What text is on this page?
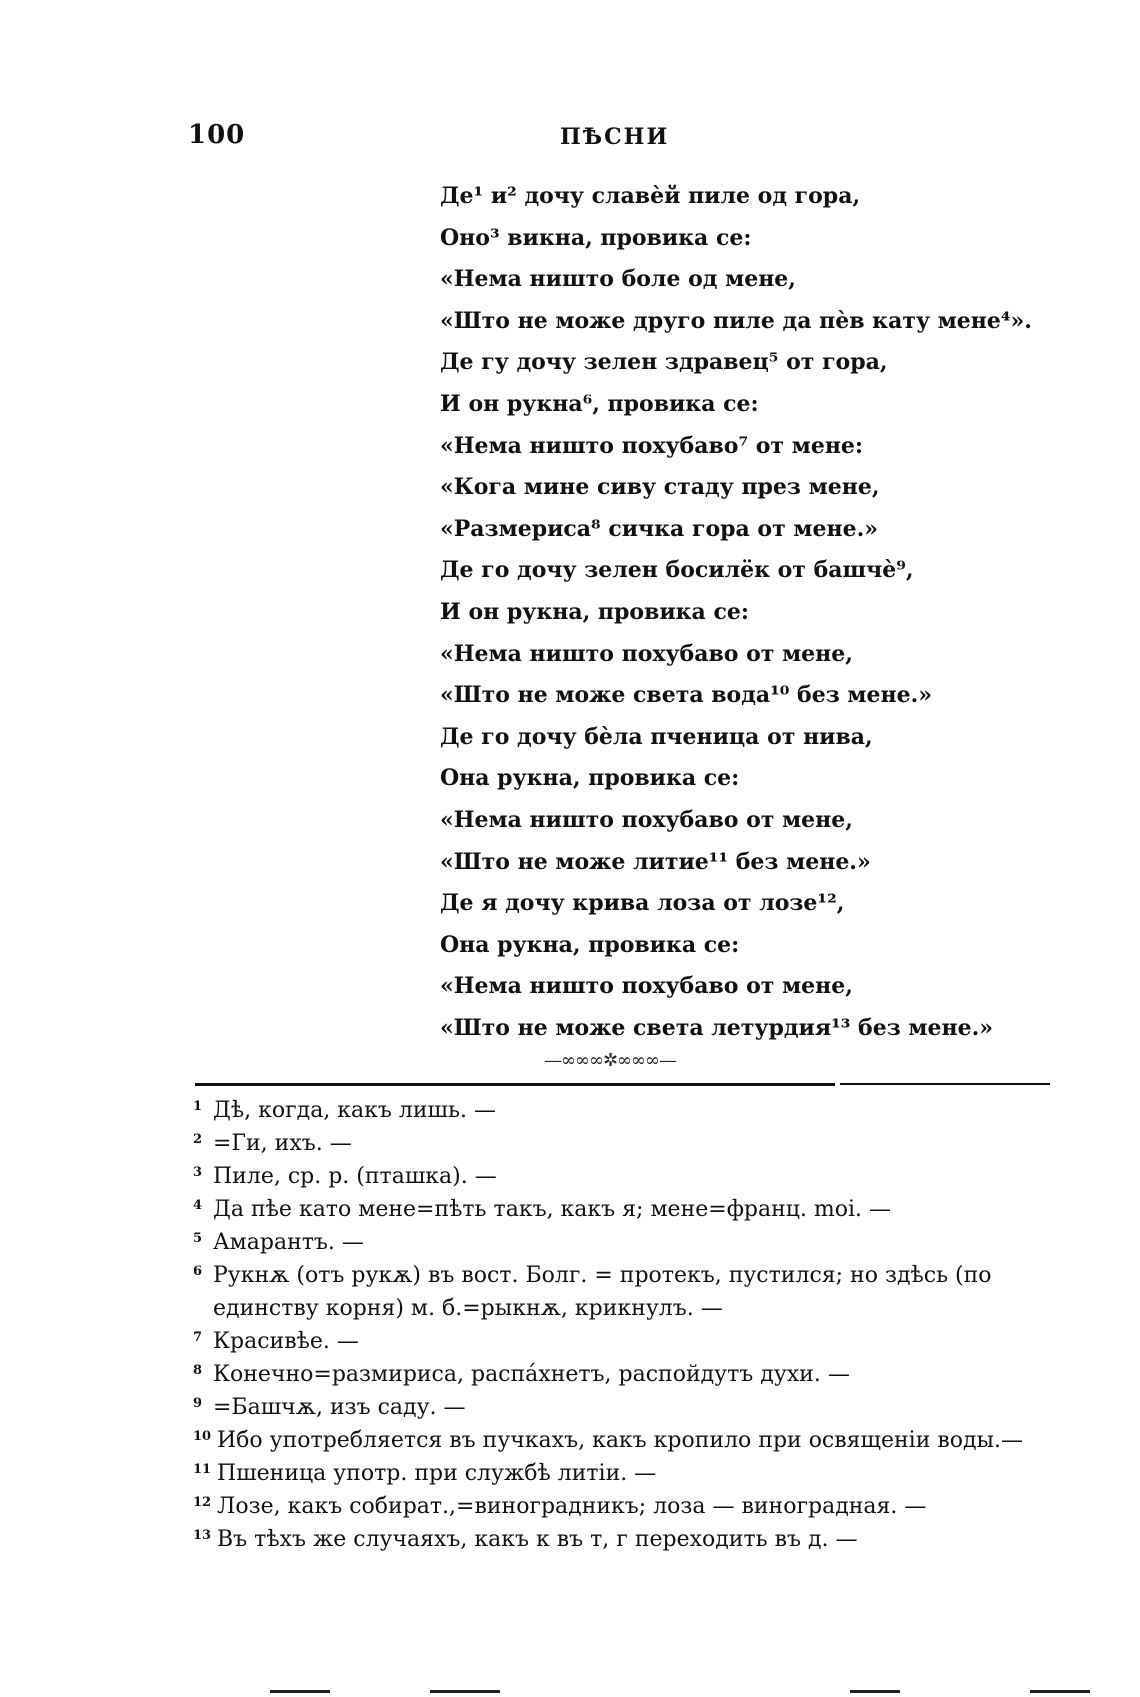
100	ПѢСНИ
Де¹ и² дочу славѐй пиле од гора,
Оно³ викна, провика се:
«Нема ништо боле од мене,
«Што не може друго пиле да пѐв кату мене⁴».
Де гу дочу зелен здравец⁵ от гора,
И он рукна⁶, провика се:
«Нема ништо похубаво⁷ от мене:
«Кога мине сиву стаду през мене,
«Размериса⁸ сичка гора от мене.»
Де го дочу зелен босилёк от башчѐ⁹,
И он рукна, провика се:
«Нема ништо похубаво от мене,
«Што не може света вода¹⁰ без мене.»
Де го дочу бѐла пченица от нива,
Она рукна, провика се:
«Нема ништо похубаво от мене,
«Што не може литие¹¹ без мене.»
Де я дочу крива лоза от лозе¹²,
Она рукна, провика се:
«Нема ништо похубаво от мене,
«Што не може света летурдия¹³ без мене.»
—∞∞∞✲∞∞∞—

1 Дѣ, когда, какъ лишь. —

2 =Ги, ихъ. —

3 Пиле, ср. р. (пташка). —

4 Да пѣе като мене=пѣть такъ, какъ я; мене=франц. moi. —

5 Амарантъ. —

6 Рукнѫ (отъ рукѫ) въ вост. Болг. = протекъ, пустился; но здѣсь (по

единству корня) м. б.=рыкнѫ, крикнулъ. —

7 Красивѣе. —

8 Конечно=размириса, распа́хнетъ, распойдутъ духи. —

9 =Башчѫ, изъ саду. —

10 Ибо употребляется въ пучкахъ, какъ кропило при освященіи воды.—

11 Пшеница употр. при службѣ литіи. —

12 Лозе, какъ собират.,=виноградникъ; лоза — виноградная. —

13 Въ тѣхъ же случаяхъ, какъ к въ т, г переходить въ д. —
